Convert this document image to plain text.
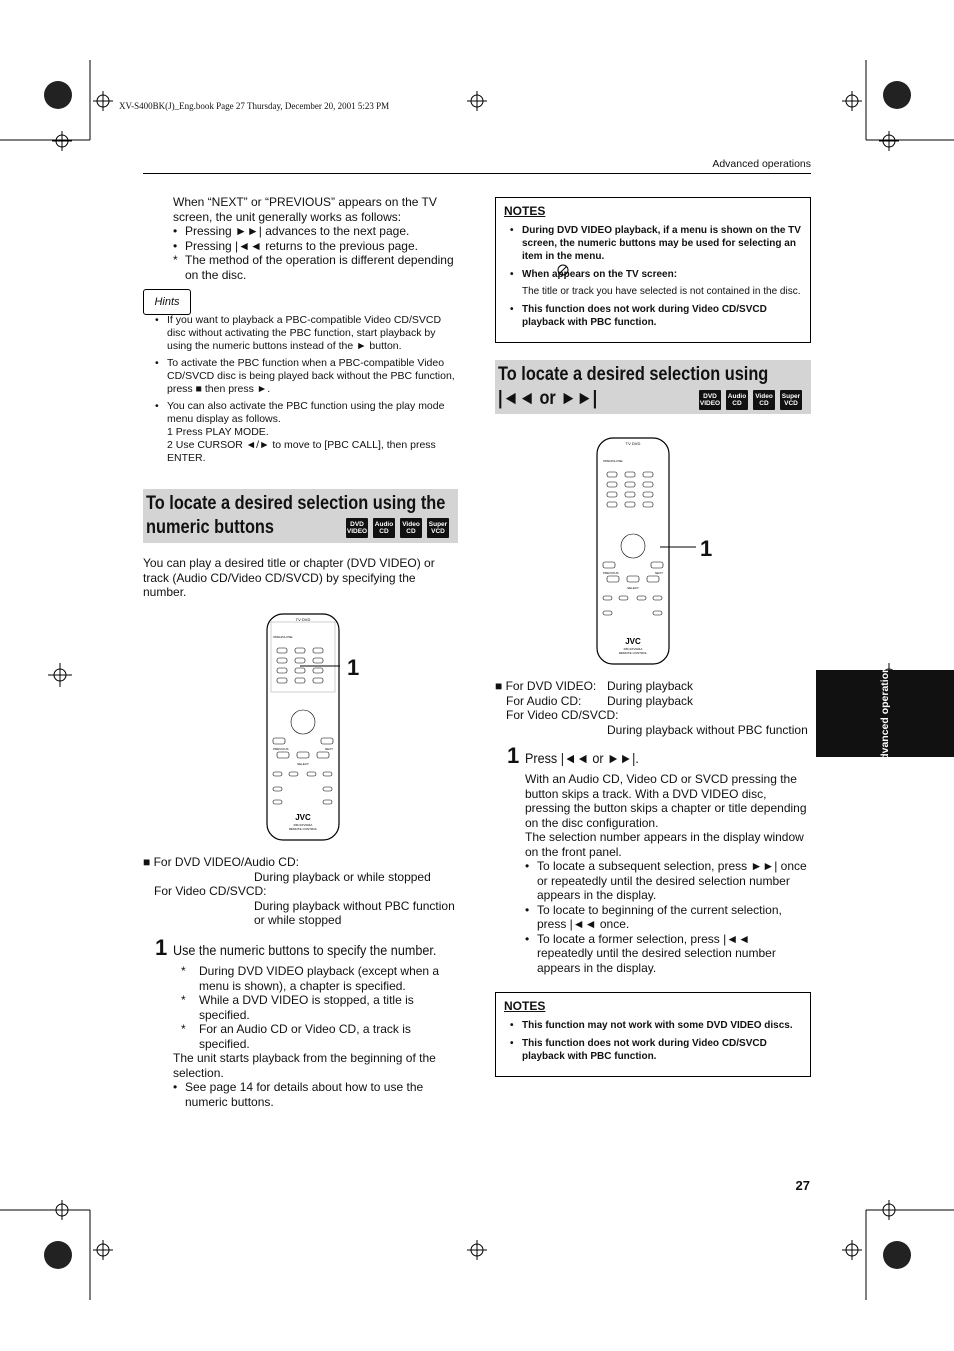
XV-S400BK(J)_Eng.book Page 27 Thursday, December 20, 2001 5:23 PM
Advanced operations
When “NEXT” or “PREVIOUS” appears on the TV
screen, the unit generally works as follows:
• Pressing ►►| advances to the next page.
• Pressing |◄◄ returns to the previous page.
* The method of the operation is different depending on the disc.
Hints
• If you want to playback a PBC-compatible Video CD/SVCD disc without activating the PBC function, start playback by using the numeric buttons instead of the ► button.
• To activate the PBC function when a PBC-compatible Video CD/SVCD disc is being played back without the PBC function, press ■ then press ►.
• You can also activate the PBC function using the play mode menu display as follows.
1 Press PLAY MODE.
2 Use CURSOR ◄/► to move to [PBC CALL], then press ENTER.
To locate a desired selection using the
numeric buttons	DVD
VIDEO
Audio
CD
Video
CD
Super
VCD
You can play a desired title or chapter (DVD VIDEO) or track (Audio CD/Video CD/SVCD) by specifying the number.
TV DVD
OPEN/CLOSE
PREVIOUS	NEXT
SELECT
JVC
RM-SXV004A
REMOTE CONTROL
1
■ For DVD VIDEO/Audio CD:
During playback or while stopped
For Video CD/SVCD:
During playback without PBC function
or while stopped
1 Use the numeric buttons to specify the number.
* During DVD VIDEO playback (except when a menu is shown), a chapter is specified.
* While a DVD VIDEO is stopped, a title is specified.
* For an Audio CD or Video CD, a track is specified.
The unit starts playback from the beginning of the selection.
• See page 14 for details about how to use the numeric buttons.
NOTES
• During DVD VIDEO playback, if a menu is shown on the TV screen, the numeric buttons may be used for selecting an item in the menu.
• When appears on the TV screen:
The title or track you have selected is not contained in the disc.
• This function does not work during Video CD/SVCD playback with PBC function.
To locate a desired selection using
|◄◄ or ►►|	DVD
VIDEO
Audio
CD
Video
CD
Super
VCD
TV DVD
OPEN/CLOSE
PREVIOUS	NEXT
SELECT
JVC
RM-SXV004A
REMOTE CONTROL
1
■ For DVD VIDEO: During playback
For Audio CD:	During playback
For Video CD/SVCD:
During playback without PBC function
1 Press |◄◄ or ►►|.
With an Audio CD, Video CD or SVCD pressing the button skips a track. With a DVD VIDEO disc, pressing the button skips a chapter or title depending on the disc configuration.
The selection number appears in the display window on the front panel.
• To locate a subsequent selection, press ►►| once or repeatedly until the desired selection number appears in the display.
• To locate to beginning of the current selection, press |◄◄ once.
• To locate a former selection, press |◄◄ repeatedly until the desired selection number appears in the display.
NOTES
• This function may not work with some DVD VIDEO discs.
• This function does not work during Video CD/SVCD playback with PBC function.
Advanced operations
27
